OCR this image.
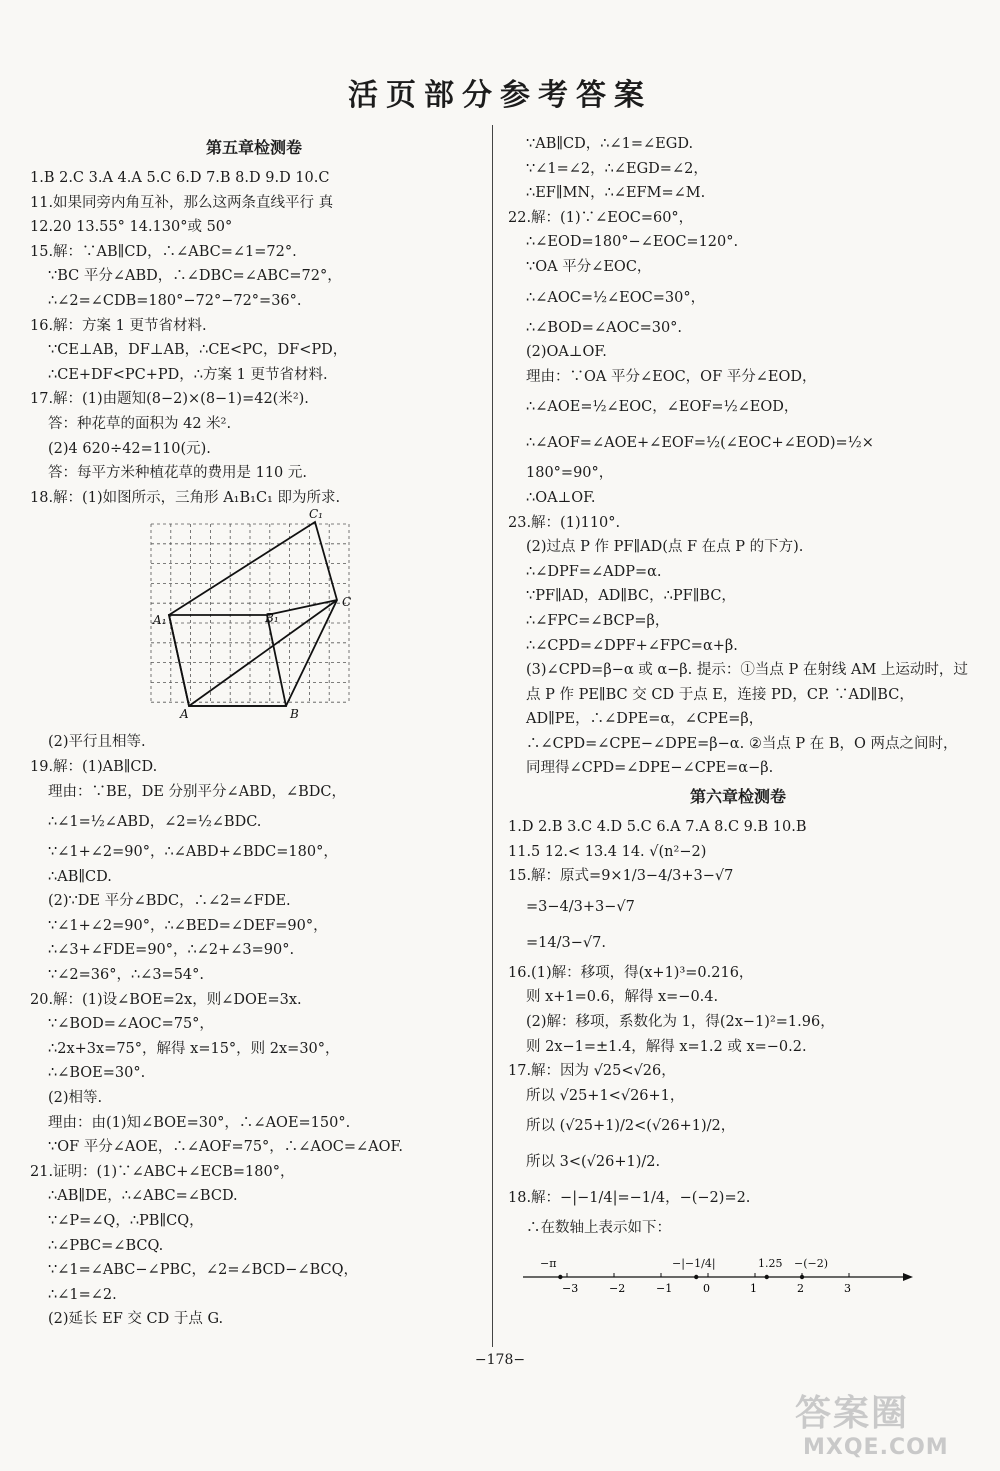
活页部分参考答案
第五章检测卷
1.B 2.C 3.A 4.A 5.C 6.D 7.B 8.D 9.D 10.C
11.如果同旁内角互补，那么这两条直线平行 真
12.20 13.55° 14.130°或 50°
15.解：∵AB∥CD，∴∠ABC=∠1=72°.
∵BC 平分∠ABD，∴∠DBC=∠ABC=72°，
∴∠2=∠CDB=180°−72°−72°=36°.
16.解：方案 1 更节省材料.
∵CE⊥AB，DF⊥AB，∴CE<PC，DF<PD，
∴CE+DF<PC+PD，∴方案 1 更节省材料.
17.解：(1)由题知(8−2)×(8−1)=42(米²).
答：种花草的面积为 42 米².
(2)4 620÷42=110(元).
答：每平方米种植花草的费用是 110 元.
18.解：(1)如图所示，三角形 A₁B₁C₁ 即为所求.
C₁
A₁	B₁
C
A	B
(2)平行且相等.
19.解：(1)AB∥CD.
理由：∵BE，DE 分别平分∠ABD，∠BDC，
∴∠1=½∠ABD，∠2=½∠BDC.
∵∠1+∠2=90°，∴∠ABD+∠BDC=180°，
∴AB∥CD.
(2)∵DE 平分∠BDC，∴∠2=∠FDE.
∵∠1+∠2=90°，∴∠BED=∠DEF=90°，
∴∠3+∠FDE=90°，∴∠2+∠3=90°.
∵∠2=36°，∴∠3=54°.
20.解：(1)设∠BOE=2x，则∠DOE=3x.
∵∠BOD=∠AOC=75°，
∴2x+3x=75°，解得 x=15°，则 2x=30°，
∴∠BOE=30°.
(2)相等.
理由：由(1)知∠BOE=30°，∴∠AOE=150°.
∵OF 平分∠AOE，∴∠AOF=75°，∴∠AOC=∠AOF.
21.证明：(1)∵∠ABC+∠ECB=180°，
∴AB∥DE，∴∠ABC=∠BCD.
∵∠P=∠Q，∴PB∥CQ，
∴∠PBC=∠BCQ.
∵∠1=∠ABC−∠PBC，∠2=∠BCD−∠BCQ，
∴∠1=∠2.
(2)延长 EF 交 CD 于点 G.
∵AB∥CD，∴∠1=∠EGD.
∵∠1=∠2，∴∠EGD=∠2，
∴EF∥MN，∴∠EFM=∠M.
22.解：(1)∵∠EOC=60°，
∴∠EOD=180°−∠EOC=120°.
∵OA 平分∠EOC，
∴∠AOC=½∠EOC=30°，
∴∠BOD=∠AOC=30°.
(2)OA⊥OF.
理由：∵OA 平分∠EOC，OF 平分∠EOD，
∴∠AOE=½∠EOC，∠EOF=½∠EOD，
∴∠AOF=∠AOE+∠EOF=½(∠EOC+∠EOD)=½×
180°=90°，
∴OA⊥OF.
23.解：(1)110°.
(2)过点 P 作 PF∥AD(点 F 在点 P 的下方).
∴∠DPF=∠ADP=α.
∵PF∥AD，AD∥BC，∴PF∥BC，
∴∠FPC=∠BCP=β，
∴∠CPD=∠DPF+∠FPC=α+β.
(3)∠CPD=β−α 或 α−β. 提示：①当点 P 在射线 AM 上运动时，过点 P 作 PE∥BC 交 CD 于点 E，连接 PD，CP. ∵AD∥BC，AD∥PE，∴∠DPE=α，∠CPE=β，∴∠CPD=∠CPE−∠DPE=β−α. ②当点 P 在 B，O 两点之间时，同理得∠CPD=∠DPE−∠CPE=α−β.
第六章检测卷
1.D 2.B 3.C 4.D 5.C 6.A 7.A 8.C 9.B 10.B
11.5 12.< 13.4 14. √(n²−2)
15.解：原式=9×1/3−4/3+3−√7
=3−4/3+3−√7
=14/3−√7.
16.(1)解：移项，得(x+1)³=0.216，
则 x+1=0.6，解得 x=−0.4.
(2)解：移项，系数化为 1，得(2x−1)²=1.96，
则 2x−1=±1.4，解得 x=1.2 或 x=−0.2.
17.解：因为 √25<√26，
所以 √25+1<√26+1，
所以 (√25+1)/2<(√26+1)/2，
所以 3<(√26+1)/2.
18.解：−|−1/4|=−1/4，−(−2)=2.
∴在数轴上表示如下：
−3	−2	−1	0	1	2	3
−π	−|−1/4|	1.25 −(−2)
−178−
答案圈
MXQE.COM
